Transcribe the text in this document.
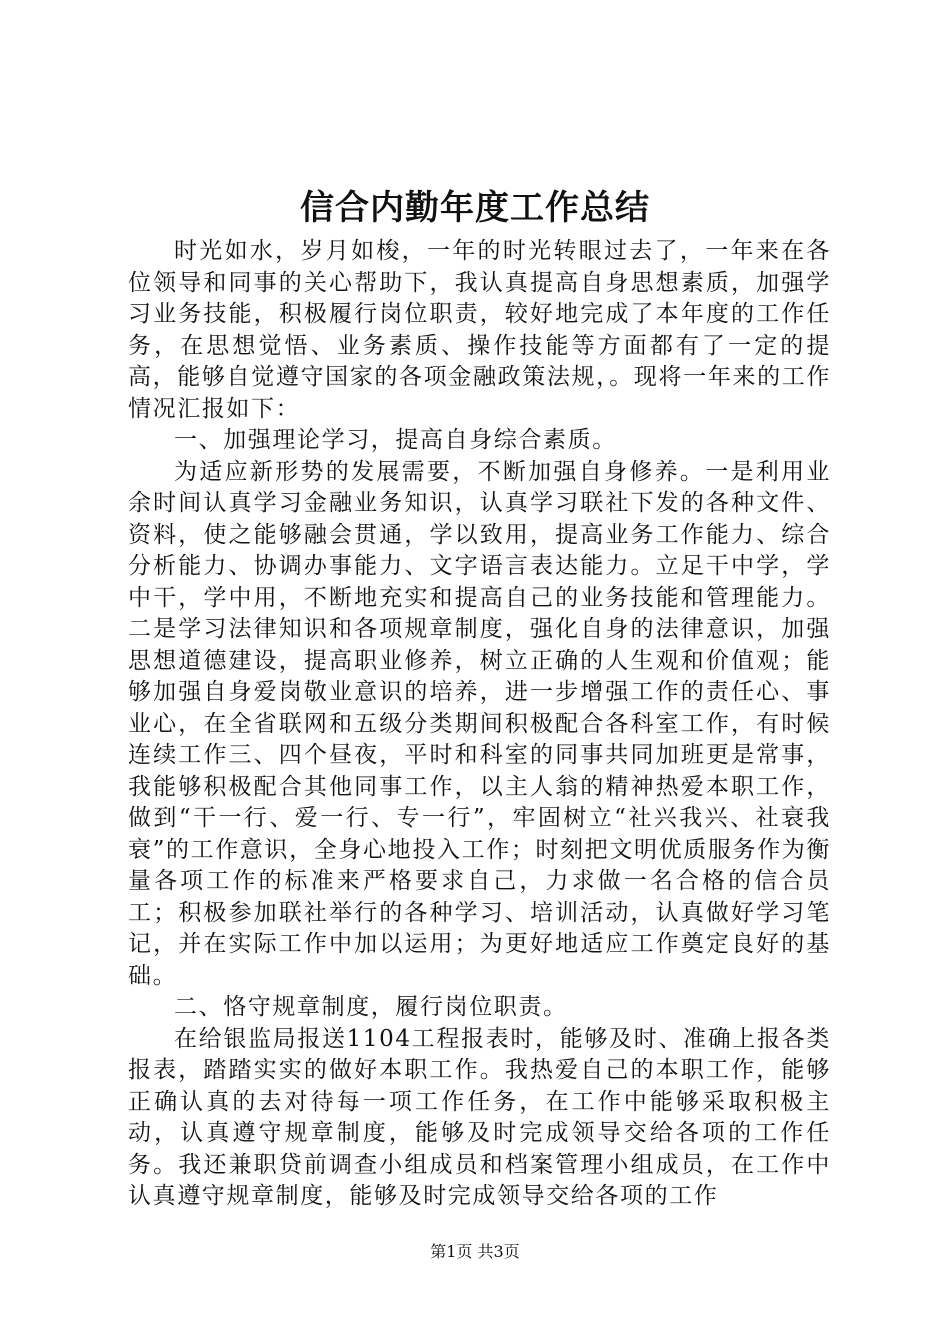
信合内勤年度工作总结

时光如水，岁月如梭，一年的时光转眼过去了，一年来在各位领导和同事的关心帮助下，我认真提高自身思想素质，加强学习业务技能，积极履行岗位职责，较好地完成了本年度的工作任务，在思想觉悟、业务素质、操作技能等方面都有了一定的提高，能够自觉遵守国家的各项金融政策法规，。现将一年来的工作情况汇报如下：

一、加强理论学习，提高自身综合素质。

为适应新形势的发展需要，不断加强自身修养。一是利用业余时间认真学习金融业务知识，认真学习联社下发的各种文件、资料，使之能够融会贯通，学以致用，提高业务工作能力、综合分析能力、协调办事能力、文字语言表达能力。立足干中学，学中干，学中用，不断地充实和提高自己的业务技能和管理能力。二是学习法律知识和各项规章制度，强化自身的法律意识，加强思想道德建设，提高职业修养，树立正确的人生观和价值观；能够加强自身爱岗敬业意识的培养，进一步增强工作的责任心、事业心，在全省联网和五级分类期间积极配合各科室工作，有时候连续工作三、四个昼夜，平时和科室的同事共同加班更是常事，我能够积极配合其他同事工作，以主人翁的精神热爱本职工作，做到“干一行、爱一行、专一行”，牢固树立“社兴我兴、社衰我衰”的工作意识，全身心地投入工作；时刻把文明优质服务作为衡量各项工作的标准来严格要求自己，力求做一名合格的信合员工；积极参加联社举行的各种学习、培训活动，认真做好学习笔记，并在实际工作中加以运用；为更好地适应工作奠定良好的基础。

二、恪守规章制度，履行岗位职责。

在给银监局报送1104工程报表时，能够及时、准确上报各类报表，踏踏实实的做好本职工作。我热爱自己的本职工作，能够正确认真的去对待每一项工作任务，在工作中能够采取积极主动，认真遵守规章制度，能够及时完成领导交给各项的工作任务。我还兼职贷前调查小组成员和档案管理小组成员，在工作中认真遵守规章制度，能够及时完成领导交给各项的工作

第1页 共3页
